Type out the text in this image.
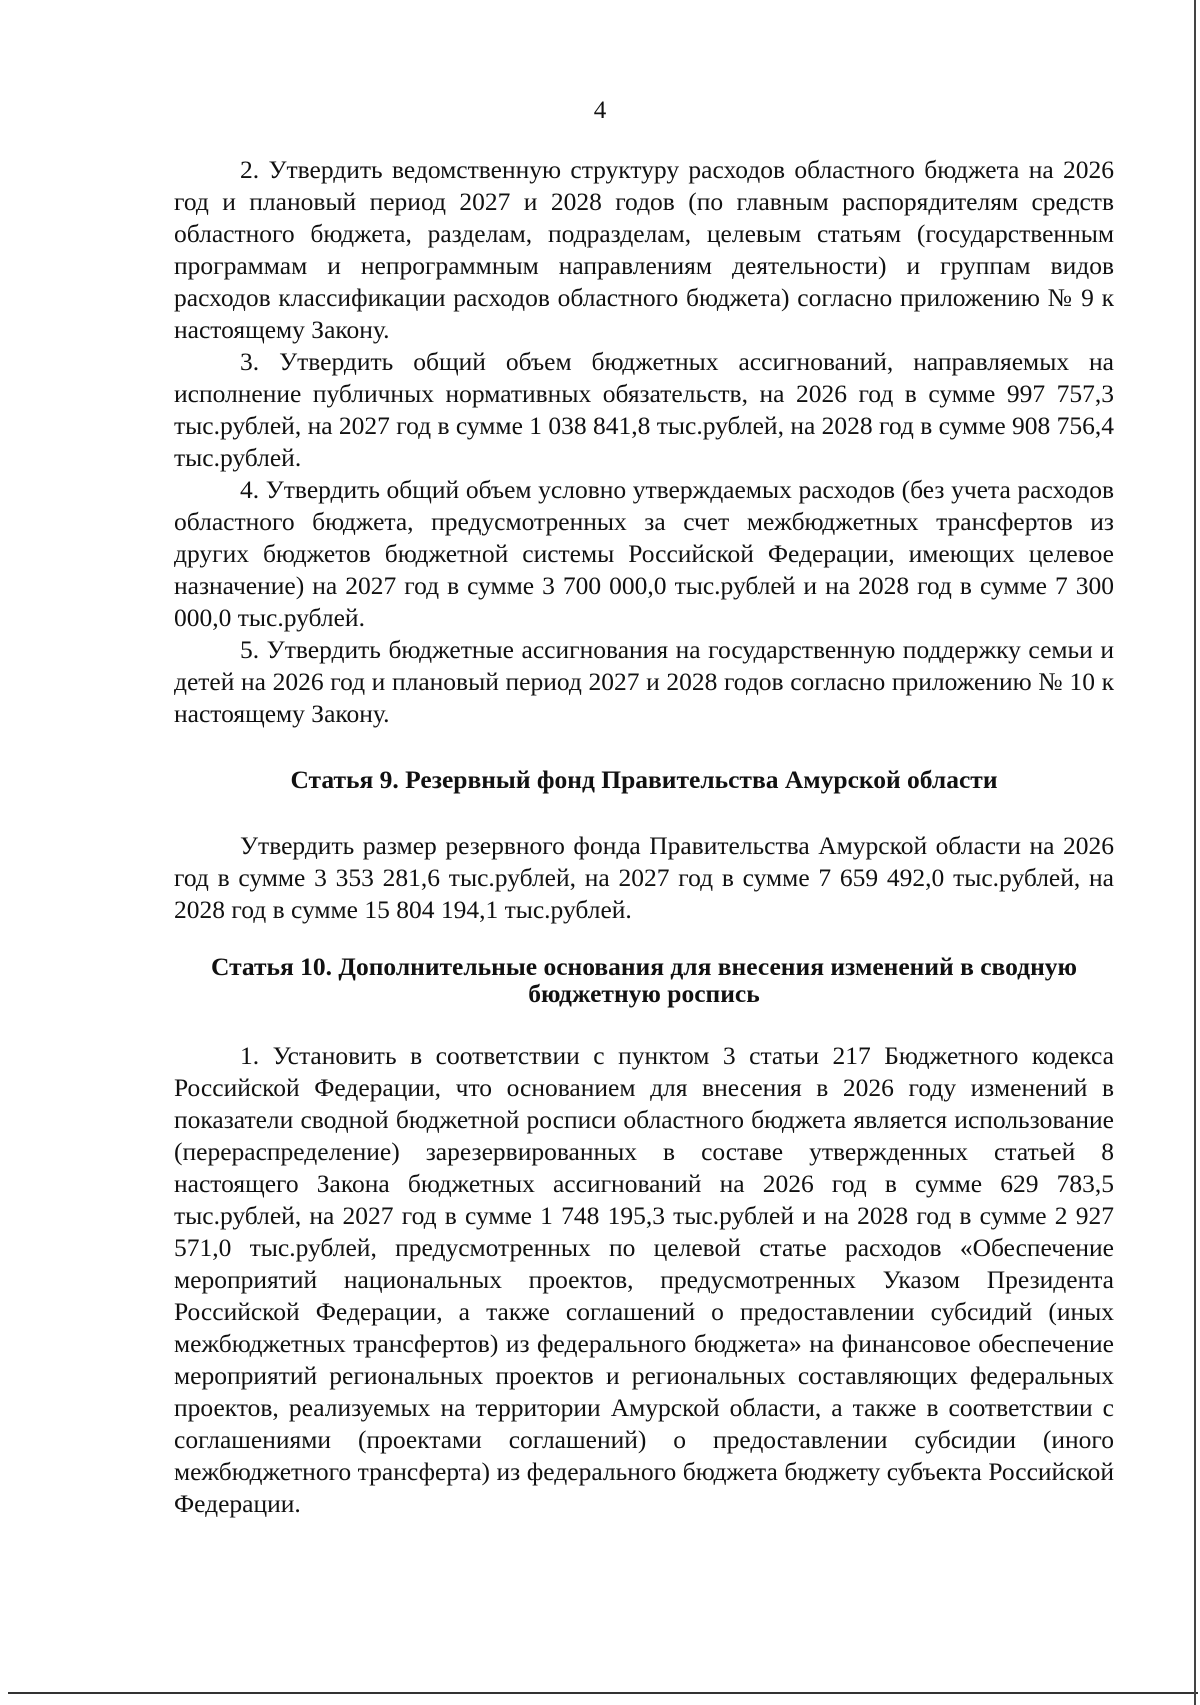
4

2. Утвердить ведомственную структуру расходов областного бюджета на 2026 год и плановый период 2027 и 2028 годов (по главным распорядителям средств областного бюджета, разделам, подразделам, целевым статьям (государственным программам и непрограммным направлениям деятельности) и группам видов расходов классификации расходов областного бюджета) согласно приложению № 9 к настоящему Закону.

3. Утвердить общий объем бюджетных ассигнований, направляемых на исполнение публичных нормативных обязательств, на 2026 год в сумме 997 757,3 тыс.рублей, на 2027 год в сумме 1 038 841,8 тыс.рублей, на 2028 год в сумме 908 756,4 тыс.рублей.

4. Утвердить общий объем условно утверждаемых расходов (без учета расходов областного бюджета, предусмотренных за счет межбюджетных трансфертов из других бюджетов бюджетной системы Российской Федерации, имеющих целевое назначение) на 2027 год в сумме 3 700 000,0 тыс.рублей и на 2028 год в сумме 7 300 000,0 тыс.рублей.

5. Утвердить бюджетные ассигнования на государственную поддержку семьи и детей на 2026 год и плановый период 2027 и 2028 годов согласно приложению № 10 к настоящему Закону.

Статья 9. Резервный фонд Правительства Амурской области

Утвердить размер резервного фонда Правительства Амурской области на 2026 год в сумме 3 353 281,6 тыс.рублей, на 2027 год в сумме 7 659 492,0 тыс.рублей, на 2028 год в сумме 15 804 194,1 тыс.рублей.

Статья 10. Дополнительные основания для внесения изменений в сводную бюджетную роспись

1. Установить в соответствии с пунктом 3 статьи 217 Бюджетного кодекса Российской Федерации, что основанием для внесения в 2026 году изменений в показатели сводной бюджетной росписи областного бюджета является использование (перераспределение) зарезервированных в составе утвержденных статьей 8 настоящего Закона бюджетных ассигнований на 2026 год в сумме 629 783,5 тыс.рублей, на 2027 год в сумме 1 748 195,3 тыс.рублей и на 2028 год в сумме 2 927 571,0 тыс.рублей, предусмотренных по целевой статье расходов «Обеспечение мероприятий национальных проектов, предусмотренных Указом Президента Российской Федерации, а также соглашений о предоставлении субсидий (иных межбюджетных трансфертов) из федерального бюджета» на финансовое обеспечение мероприятий региональных проектов и региональных составляющих федеральных проектов, реализуемых на территории Амурской области, а также в соответствии с соглашениями (проектами соглашений) о предоставлении субсидии (иного межбюджетного трансферта) из федерального бюджета бюджету субъекта Российской Федерации.
